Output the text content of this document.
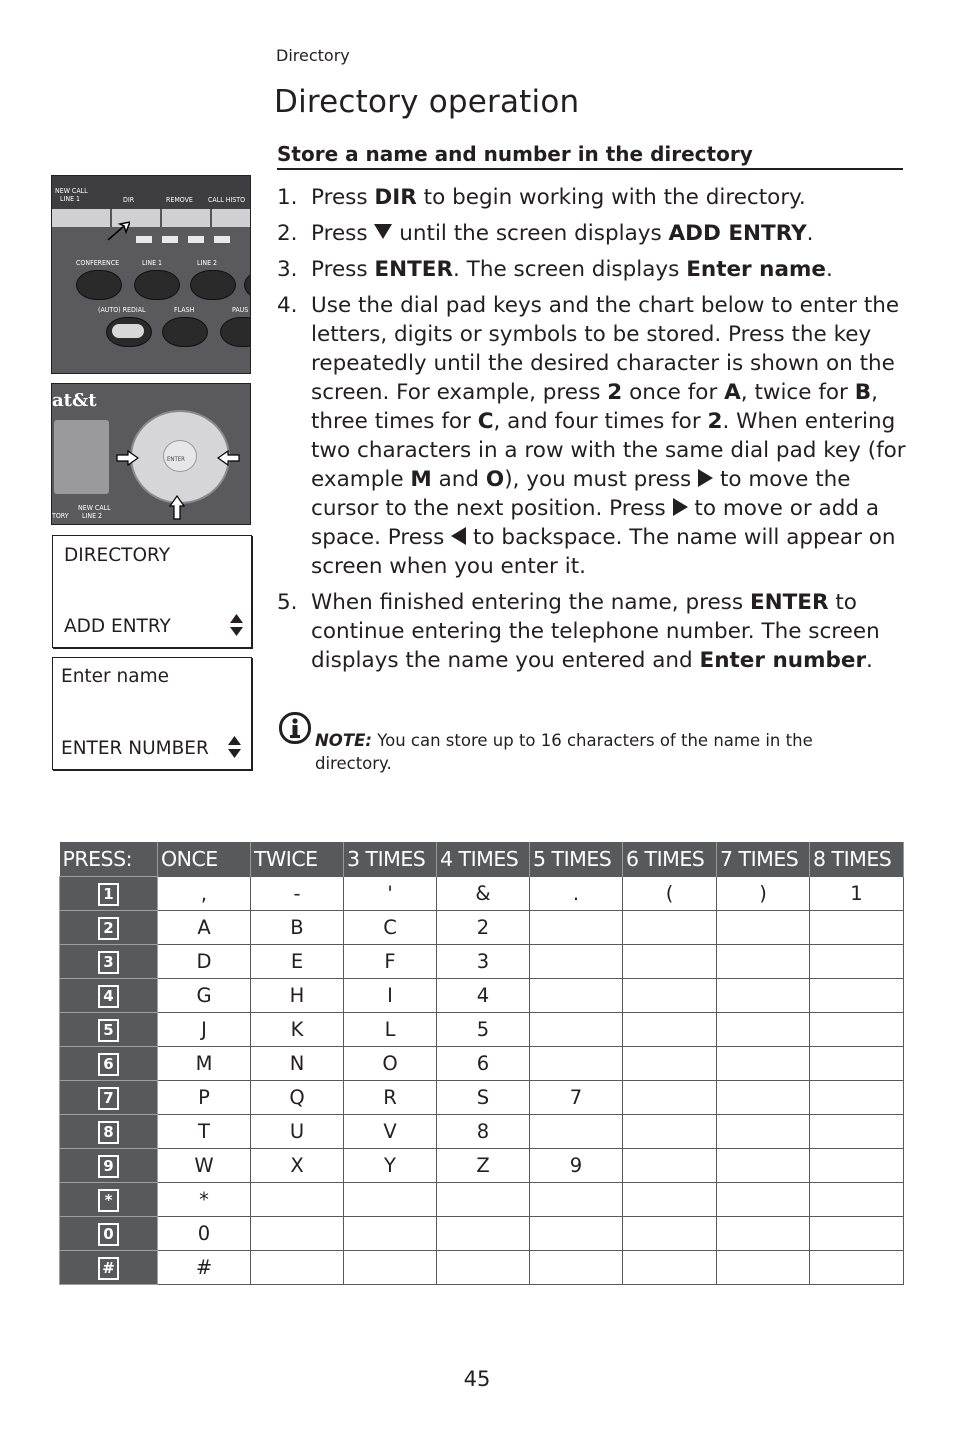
Directory
Directory operation
Store a name and number in the directory
NEW CALL
LINE 1	DIR	REMOVE CALL HISTO
CONFERENCE	LINE 1	LINE 2
(AUTO) REDIAL	FLASH	PAUS
at&t
ENTER
NEW CALL
LINE 2
TORY
DIRECTORY
ADD ENTRY
Enter name
ENTER NUMBER
1. Press DIR to begin working with the directory.
2. Press  until the screen displays ADD ENTRY.
3. Press ENTER. The screen displays Enter name.
4. Use the dial pad keys and the chart below to enter the letters, digits or symbols to be stored. Press the key repeatedly until the desired character is shown on the screen. For example, press 2 once for A, twice for B, three times for C, and four times for 2. When entering two characters in a row with the same dial pad key (for example M and O), you must press  to move the cursor to the next position. Press  to move or add a space. Press  to backspace. The name will appear on screen when you enter it.
5. When finished entering the name, press ENTER to continue entering the telephone number. The screen displays the name you entered and Enter number.
NOTE: You can store up to 16 characters of the name in the directory.
PRESS:	ONCE	TWICE	3 TIMES	4 TIMES	5 TIMES	6 TIMES	7 TIMES	8 TIMES
1	,	-	'	&	.	(	)	1
2	A	B	C	2				
3	D	E	F	3				
4	G	H	I	4				
5	J	K	L	5				
6	M	N	O	6				
7	P	Q	R	S	7			
8	T	U	V	8				
9	W	X	Y	Z	9			
*	*							
0	0							
#	#							
45
